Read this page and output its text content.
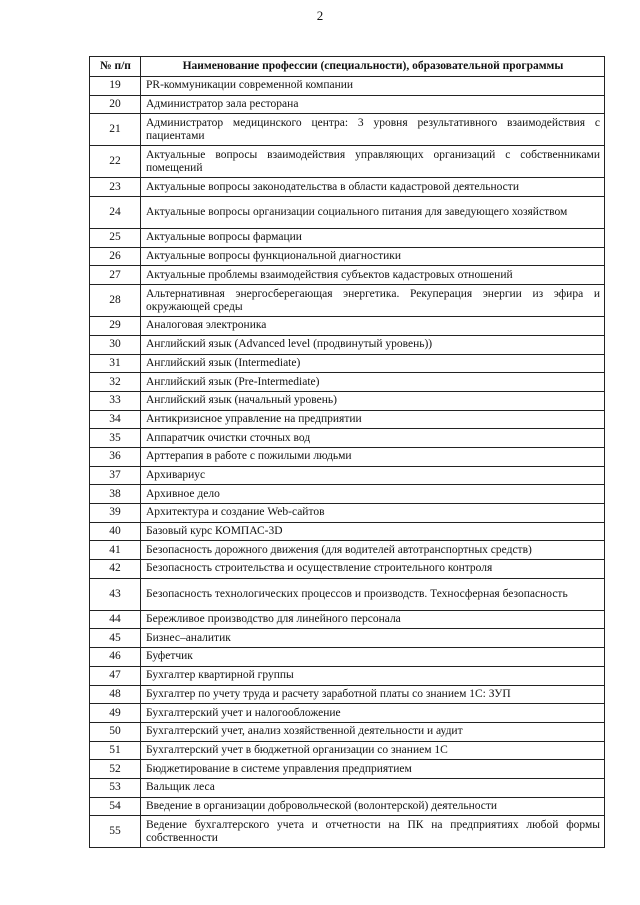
2
№ п/п	Наименование профессии (специальности), образовательной программы
19	PR-коммуникации современной компании
20	Администратор зала ресторана
21	Администратор медицинского центра: 3 уровня результативного взаимодействия с пациентами
22	Актуальные вопросы взаимодействия управляющих организаций с собственниками помещений
23	Актуальные вопросы законодательства в области кадастровой деятельности
24	Актуальные вопросы организации социального питания для заведующего хозяйством
25	Актуальные вопросы фармации
26	Актуальные вопросы функциональной диагностики
27	Актуальные проблемы взаимодействия субъектов кадастровых отношений
28	Альтернативная энергосберегающая энергетика. Рекуперация энергии из эфира и окружающей среды
29	Аналоговая электроника
30	Английский язык (Advanced level (продвинутый уровень))
31	Английский язык (Intermediate)
32	Английский язык (Pre-Intermediate)
33	Английский язык (начальный уровень)
34	Антикризисное управление на предприятии
35	Аппаратчик очистки сточных вод
36	Арттерапия в работе с пожилыми людьми
37	Архивариус
38	Архивное дело
39	Архитектура и создание Web-сайтов
40	Базовый курс КОМПАС-3D
41	Безопасность дорожного движения (для водителей автотранспортных средств)
42	Безопасность строительства и осуществление строительного контроля
43	Безопасность технологических процессов и производств. Техносферная безопасность
44	Бережливое производство для линейного персонала
45	Бизнес–аналитик
46	Буфетчик
47	Бухгалтер квартирной группы
48	Бухгалтер по учету труда и расчету заработной платы со знанием 1С: ЗУП
49	Бухгалтерский учет и налогообложение
50	Бухгалтерский учет, анализ хозяйственной деятельности и аудит
51	Бухгалтерский учет в бюджетной организации со знанием 1С
52	Бюджетирование в системе управления предприятием
53	Вальщик леса
54	Введение в организации добровольческой (волонтерской) деятельности
55	Ведение бухгалтерского учета и отчетности на ПК на предприятиях любой формы собственности
